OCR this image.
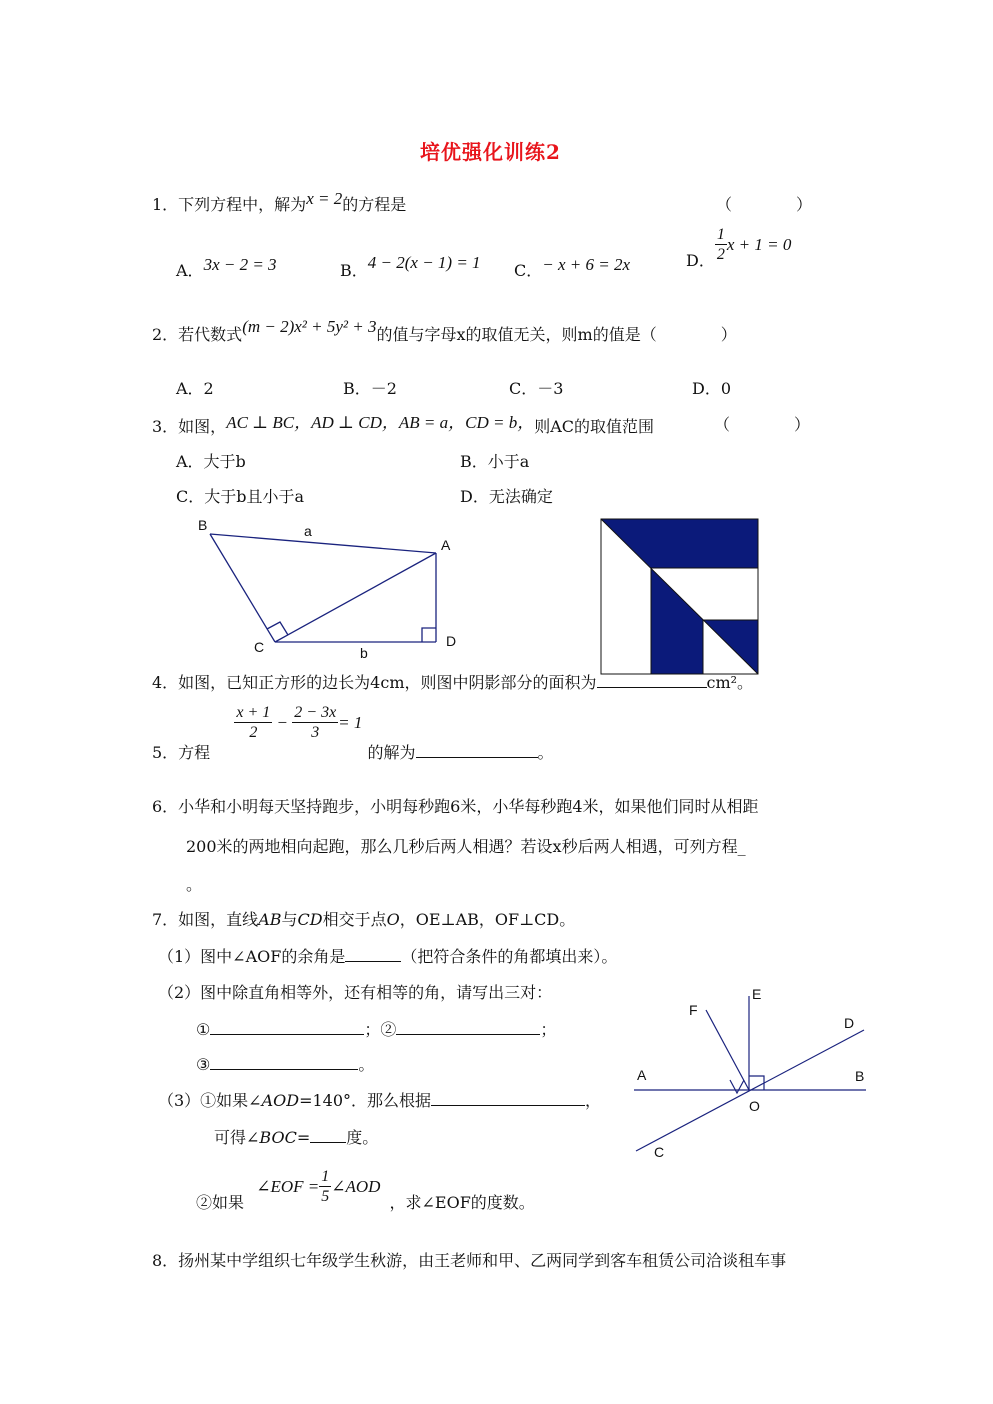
培优强化训练2
1．下列方程中，解为x = 2的方程是	（　　　　）
A．3x − 2 = 3	B．4 − 2(x − 1) = 1 C．− x + 6 = 2x	D． $\frac{1}{2}$ x + 1 = 0
2．若代数式(m − 2)x² + 5y² + 3的值与字母x的取值无关，则m的值是（　　　　）
A．2	B．－2	C．－3	D．0
3．如图，AC ⊥ BC，AD ⊥ CD，AB = a，CD = b，则AC的取值范围	（　　　　）
A．大于b	B．小于a
C．大于b且小于a	D．无法确定
B
A
C	D
a
b
4．如图，已知正方形的边长为4cm，则图中阴影部分的面积为	cm²。
5．方程
$\frac{x + 1}{2} - \frac{2 - 3x}{3} = 1$ 的解为	。
6．小华和小明每天坚持跑步，小明每秒跑6米，小华每秒跑4米，如果他们同时从相距
200米的两地相向起跑，那么几秒后两人相遇？若设x秒后两人相遇，可列方程_
。
7．如图，直线AB与CD相交于点O，OE⊥AB，OF⊥CD。
（1）图中∠AOF的余角是	（把符合条件的角都填出来）。
（2）图中除直角相等外，还有相等的角，请写出三对：
①	；②	；
③	。
（3）①如果∠AOD=140°．那么根据	，
可得∠BOC= 度。
②如果  ∠EOF = $\frac{1}{5}$ ∠AOD ，求∠EOF的度数。
E
F
D
A	B
O
C
8．扬州某中学组织七年级学生秋游，由王老师和甲、乙两同学到客车租赁公司洽谈租车事
